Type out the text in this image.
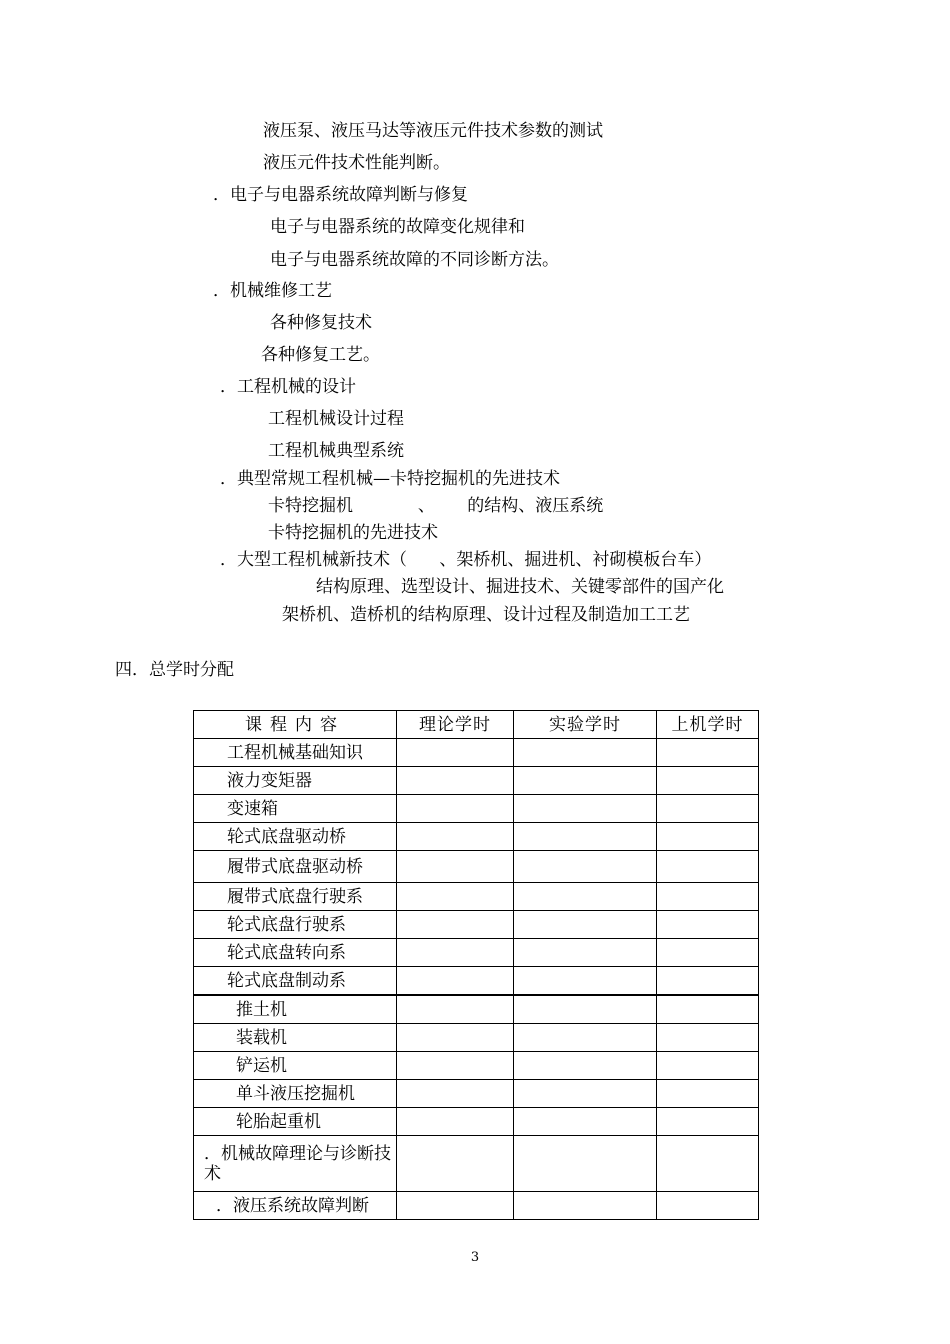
液压泵、液压马达等液压元件技术参数的测试
液压元件技术性能判断。
．电子与电器系统故障判断与修复
电子与电器系统的故障变化规律和
电子与电器系统故障的不同诊断方法。
．机械维修工艺
各种修复技术
各种修复工艺。
．工程机械的设计
工程机械设计过程
工程机械典型系统
．典型常规工程机械—卡特挖掘机的先进技术
卡特挖掘机            、      的结构、液压系统
卡特挖掘机的先进技术
．大型工程机械新技术（      、架桥机、掘进机、衬砌模板台车）
结构原理、选型设计、掘进技术、关键零部件的国产化
架桥机、造桥机的结构原理、设计过程及制造加工工艺
四．总学时分配
课程内容	理论学时	实验学时	上机学时
工程机械基础知识			
液力变矩器			
变速箱			
轮式底盘驱动桥			
履带式底盘驱动桥			
履带式底盘行驶系			
轮式底盘行驶系			
轮式底盘转向系			
轮式底盘制动系			
推土机			
装载机			
铲运机			
单斗液压挖掘机			
轮胎起重机			
．机械故障理论与诊断技术			
．液压系统故障判断			
3
